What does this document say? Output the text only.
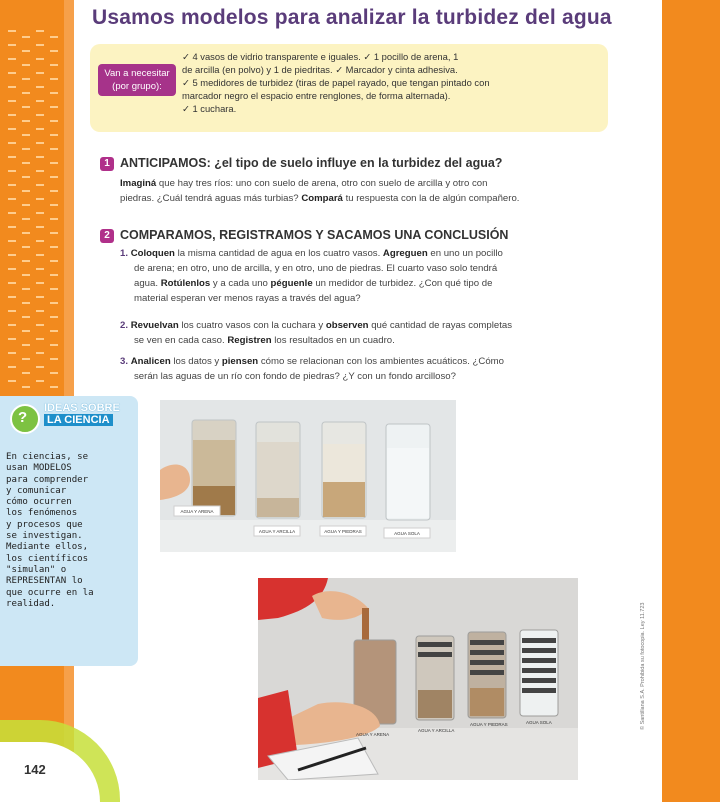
Usamos modelos para analizar la turbidez del agua
Van a necesitar (por grupo):
✓ 4 vasos de vidrio transparente e iguales. ✓ 1 pocillo de arena, 1
de arcilla (en polvo) y 1 de piedritas. ✓ Marcador y cinta adhesiva.
✓ 5 medidores de turbidez (tiras de papel rayado, que tengan pintado con
marcador negro el espacio entre renglones, de forma alternada).
✓ 1 cuchara.
1 ANTICIPAMOS: ¿el tipo de suelo influye en la turbidez del agua?
Imaginá que hay tres ríos: uno con suelo de arena, otro con suelo de arcilla y otro con
piedras. ¿Cuál tendrá aguas más turbias? Compará tu respuesta con la de algún compañero.
2 COMPARAMOS, REGISTRAMOS Y SACAMOS UNA CONCLUSIÓN
1. Coloquen la misma cantidad de agua en los cuatro vasos. Agreguen en uno un pocillo
de arena; en otro, uno de arcilla, y en otro, uno de piedras. El cuarto vaso solo tendrá
agua. Rotúlenlos y a cada uno péguenle un medidor de turbidez. ¿Con qué tipo de
material esperan ver menos rayas a través del agua?
2. Revuelvan los cuatro vasos con la cuchara y observen qué cantidad de rayas completas
se ven en cada caso. Registren los resultados en un cuadro.
3. Analicen los datos y piensen cómo se relacionan con los ambientes acuáticos. ¿Cómo
serán las aguas de un río con fondo de piedras? ¿Y con un fondo arcilloso?
?
IDEAS SOBRE
LA CIENCIA
En ciencias, se
usan MODELOS
para comprender
y comunicar
cómo ocurren
los fenómenos
y procesos que
se investigan.
Mediante ellos,
los científicos
"simulan" o
REPRESENTAN lo
que ocurre en la
realidad.
AGUA Y ARENA
AGUA Y ARCILLA	AGUA Y PIEDRAS	AGUA SOLA
AGUA Y ARENA
AGUA Y ARCILLA
AGUA Y PIEDRAS	AGUA SOLA
142
© Santillana S.A. Prohibida su fotocopia. Ley 11.723
